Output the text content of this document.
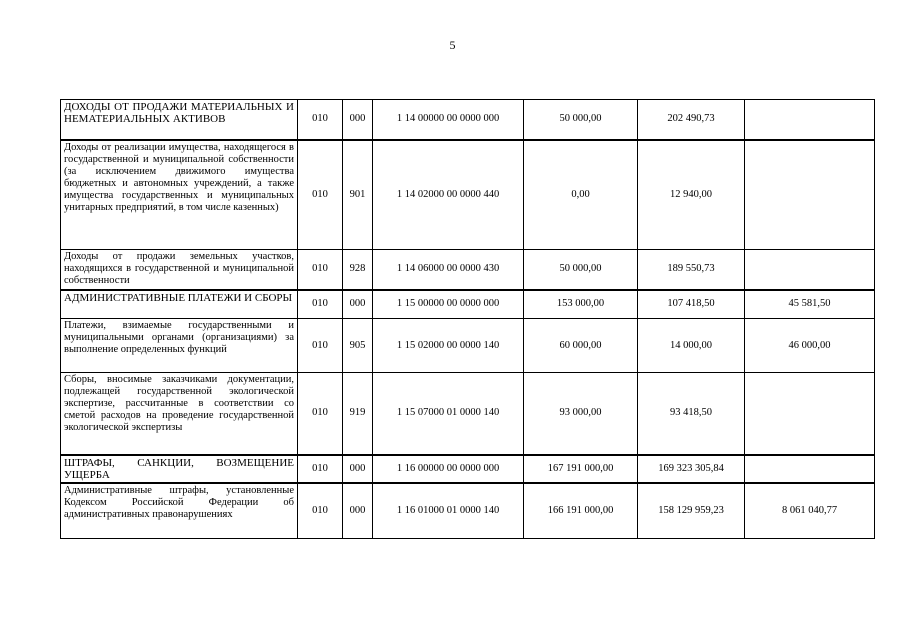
5
ДОХОДЫ ОТ ПРОДАЖИ МАТЕРИАЛЬНЫХ И НЕМАТЕРИАЛЬНЫХ АКТИВОВ	010	000	1 14 00000 00 0000 000	50 000,00	202 490,73	
Доходы от реализации имущества, находящегося в государственной и муниципальной собственности (за исключением движимого имущества бюджетных и автономных учреждений, а также имущества государственных и муниципальных унитарных предприятий, в том числе казенных)	010	901	1 14 02000 00 0000 440	0,00	12 940,00	
Доходы от продажи земельных участков, находящихся в государственной и муниципальной собственности	010	928	1 14 06000 00 0000 430	50 000,00	189 550,73	
АДМИНИСТРАТИВНЫЕ ПЛАТЕЖИ И СБОРЫ	010	000	1 15 00000 00 0000 000	153 000,00	107 418,50	45 581,50
Платежи, взимаемые государственными и муниципальными органами (организациями) за выполнение определенных функций	010	905	1 15 02000 00 0000 140	60 000,00	14 000,00	46 000,00
Сборы, вносимые заказчиками документации, подлежащей государственной экологической экспертизе, рассчитанные в соответствии со сметой расходов на проведение государственной экологической экспертизы	010	919	1 15 07000 01 0000 140	93 000,00	93 418,50	
ШТРАФЫ, САНКЦИИ, ВОЗМЕЩЕНИЕ УЩЕРБА	010	000	1 16 00000 00 0000 000	167 191 000,00	169 323 305,84	
Административные штрафы, установленные Кодексом Российской Федерации об административных правонарушениях	010	000	1 16 01000 01 0000 140	166 191 000,00	158 129 959,23	8 061 040,77
